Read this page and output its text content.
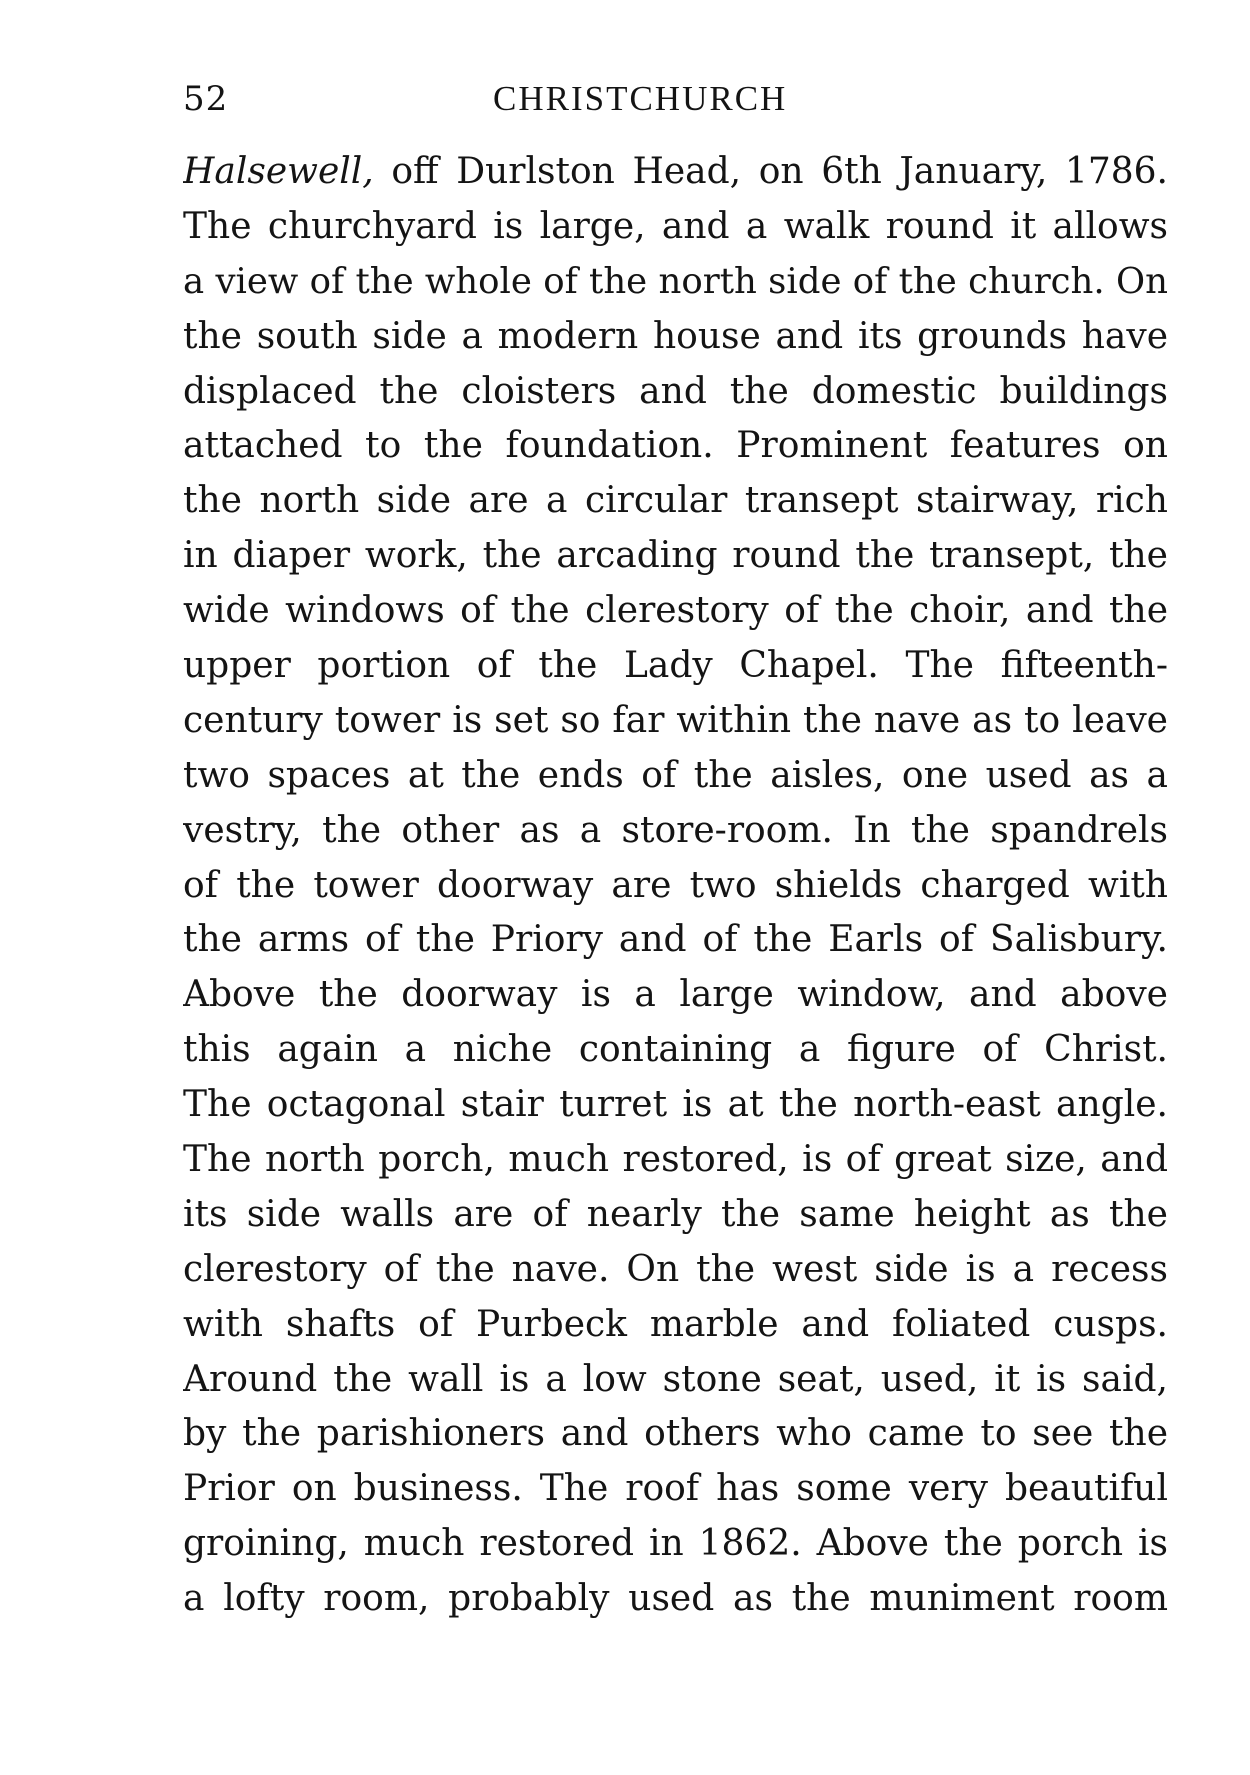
52	CHRISTCHURCH
Halsewell, off Durlston Head, on 6th January, 1786.
The churchyard is large, and a walk round it allows
a view of the whole of the north side of the church. On
the south side a modern house and its grounds have
displaced the cloisters and the domestic buildings
attached to the foundation. Prominent features on
the north side are a circular transept stairway, rich
in diaper work, the arcading round the transept, the
wide windows of the clerestory of the choir, and the
upper portion of the Lady Chapel. The fifteenth-
century tower is set so far within the nave as to leave
two spaces at the ends of the aisles, one used as a
vestry, the other as a store-room. In the spandrels
of the tower doorway are two shields charged with
the arms of the Priory and of the Earls of Salisbury.
Above the doorway is a large window, and above
this again a niche containing a figure of Christ.
The octagonal stair turret is at the north-east angle.
The north porch, much restored, is of great size, and
its side walls are of nearly the same height as the
clerestory of the nave. On the west side is a recess
with shafts of Purbeck marble and foliated cusps.
Around the wall is a low stone seat, used, it is said,
by the parishioners and others who came to see the
Prior on business. The roof has some very beautiful
groining, much restored in 1862. Above the porch is
a lofty room, probably used as the muniment room
